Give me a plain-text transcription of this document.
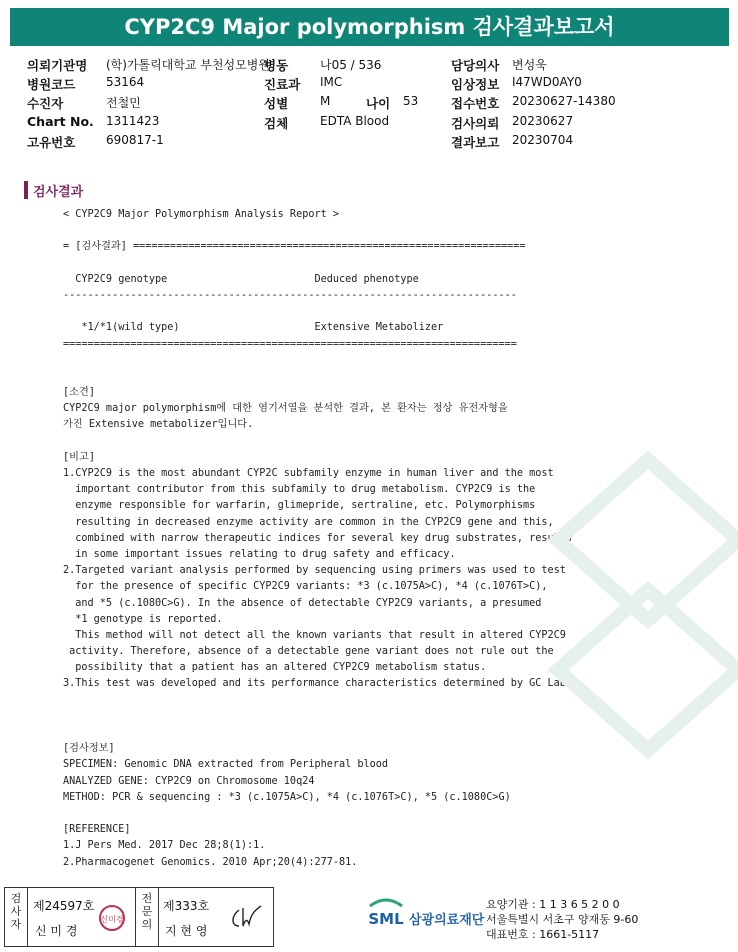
CYP2C9 Major polymorphism 검사결과보고서
의뢰기관명 (학)가톨릭대학교 부천성모병원
병원코드	53164
수진자	전철민
Chart No. 1311423
고유번호	690817-1
병동	나05 / 536
진료과 IMC
성별	M
검체	EDTA Blood
나이 53
담당의사 변성욱
임상정보 I47WD0AY0
접수번호 20230627-14380
검사의뢰 20230627
결과보고 20230704
검사결과
< CYP2C9 Major Polymorphism Analysis Report >

= [검사결과] ================================================================

CYP2C9 genotype                        Deduced phenotype
--------------------------------------------------------------------------

*1/*1(wild type)                      Extensive Metabolizer
==========================================================================

[소견]
CYP2C9 major polymorphism에 대한 염기서열을 분석한 결과, 본 환자는 정상 유전자형을
가진 Extensive metabolizer입니다.

[비고]
1.CYP2C9 is the most abundant CYP2C subfamily enzyme in human liver and the most
important contributor from this subfamily to drug metabolism. CYP2C9 is the
enzyme responsible for warfarin, glimepride, sertraline, etc. Polymorphisms
resulting in decreased enzyme activity are common in the CYP2C9 gene and this,
combined with narrow therapeutic indices for several key drug substrates, results
in some important issues relating to drug safety and efficacy.
2.Targeted variant analysis performed by sequencing using primers was used to test
for the presence of specific CYP2C9 variants: *3 (c.1075A>C), *4 (c.1076T>C),
and *5 (c.1080C>G). In the absence of detectable CYP2C9 variants, a presumed
*1 genotype is reported.
This method will not detect all the known variants that result in altered CYP2C9
activity. Therefore, absence of a detectable gene variant does not rule out the
possibility that a patient has an altered CYP2C9 metabolism status.
3.This test was developed and its performance characteristics determined by GC Labs.

[검사정보]
SPECIMEN: Genomic DNA extracted from Peripheral blood
ANALYZED GENE: CYP2C9 on Chromosome 10q24
METHOD: PCR & sequencing : *3 (c.1075A>C), *4 (c.1076T>C), *5 (c.1080C>G)

[REFERENCE]
1.J Pers Med. 2017 Dec 28;8(1):1.
2.Pharmacogenet Genomics. 2010 Apr;20(4):277-81.
검사자
제24597호
신 미 경
신미경
전문의
제333호
지 현 영
SML 삼광의료재단
요양기관 : 1 1 3 6 5 2 0 0
서울특별시 서초구 양재동 9-60
대표번호 : 1661-5117
